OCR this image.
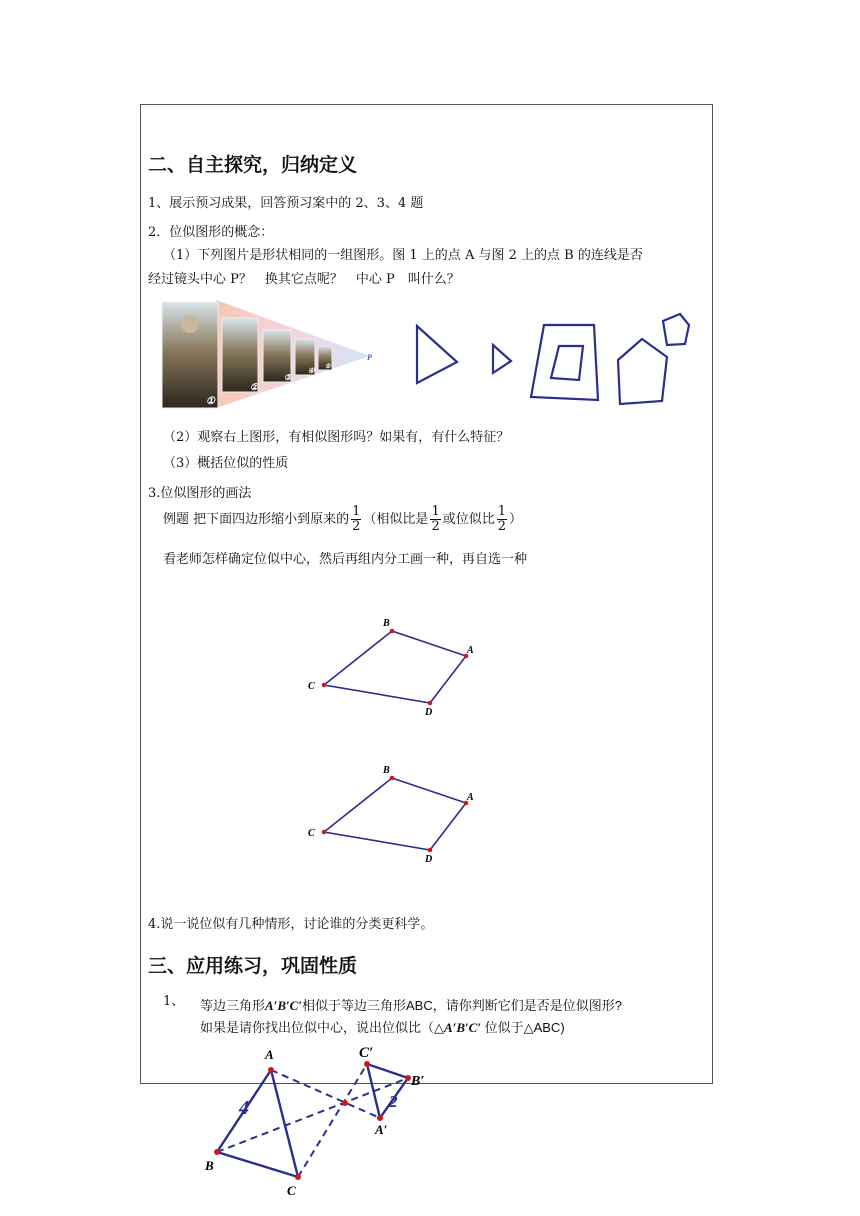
二、自主探究，归纳定义
1、展示预习成果，回答预习案中的 2、3、4 题
2．位似图形的概念：
（1）下列图片是形状相同的一组图形。图 1 上的点 A 与图 2 上的点 B 的连线是否
经过镜头中心 P？　换其它点呢？　中心 P　叫什么？
P
①
②
③
④ ⑤
（2）观察右上图形，有相似图形吗？如果有，有什么特征？
（3）概括位似的性质
3.位似图形的画法
例题 把下面四边形缩小到原来的 $\frac{1}{2}$ （相似比是 $\frac{1}{2}$ 或位似比 $\frac{1}{2}$ ）
看老师怎样确定位似中心，然后再组内分工画一种，再自选一种
B
A
D
C
B
A
D
C
4.说一说位似有几种情形，讨论谁的分类更科学。
三、应用练习，巩固性质
1、 等边三角形A′B′C′相似于等边三角形ABC，请你判断它们是否是位似图形?
如果是请你找出位似中心，说出位似比（△A′B′C′ 位似于△ABC)
A
B
C
C′
B′
A′
4	2
